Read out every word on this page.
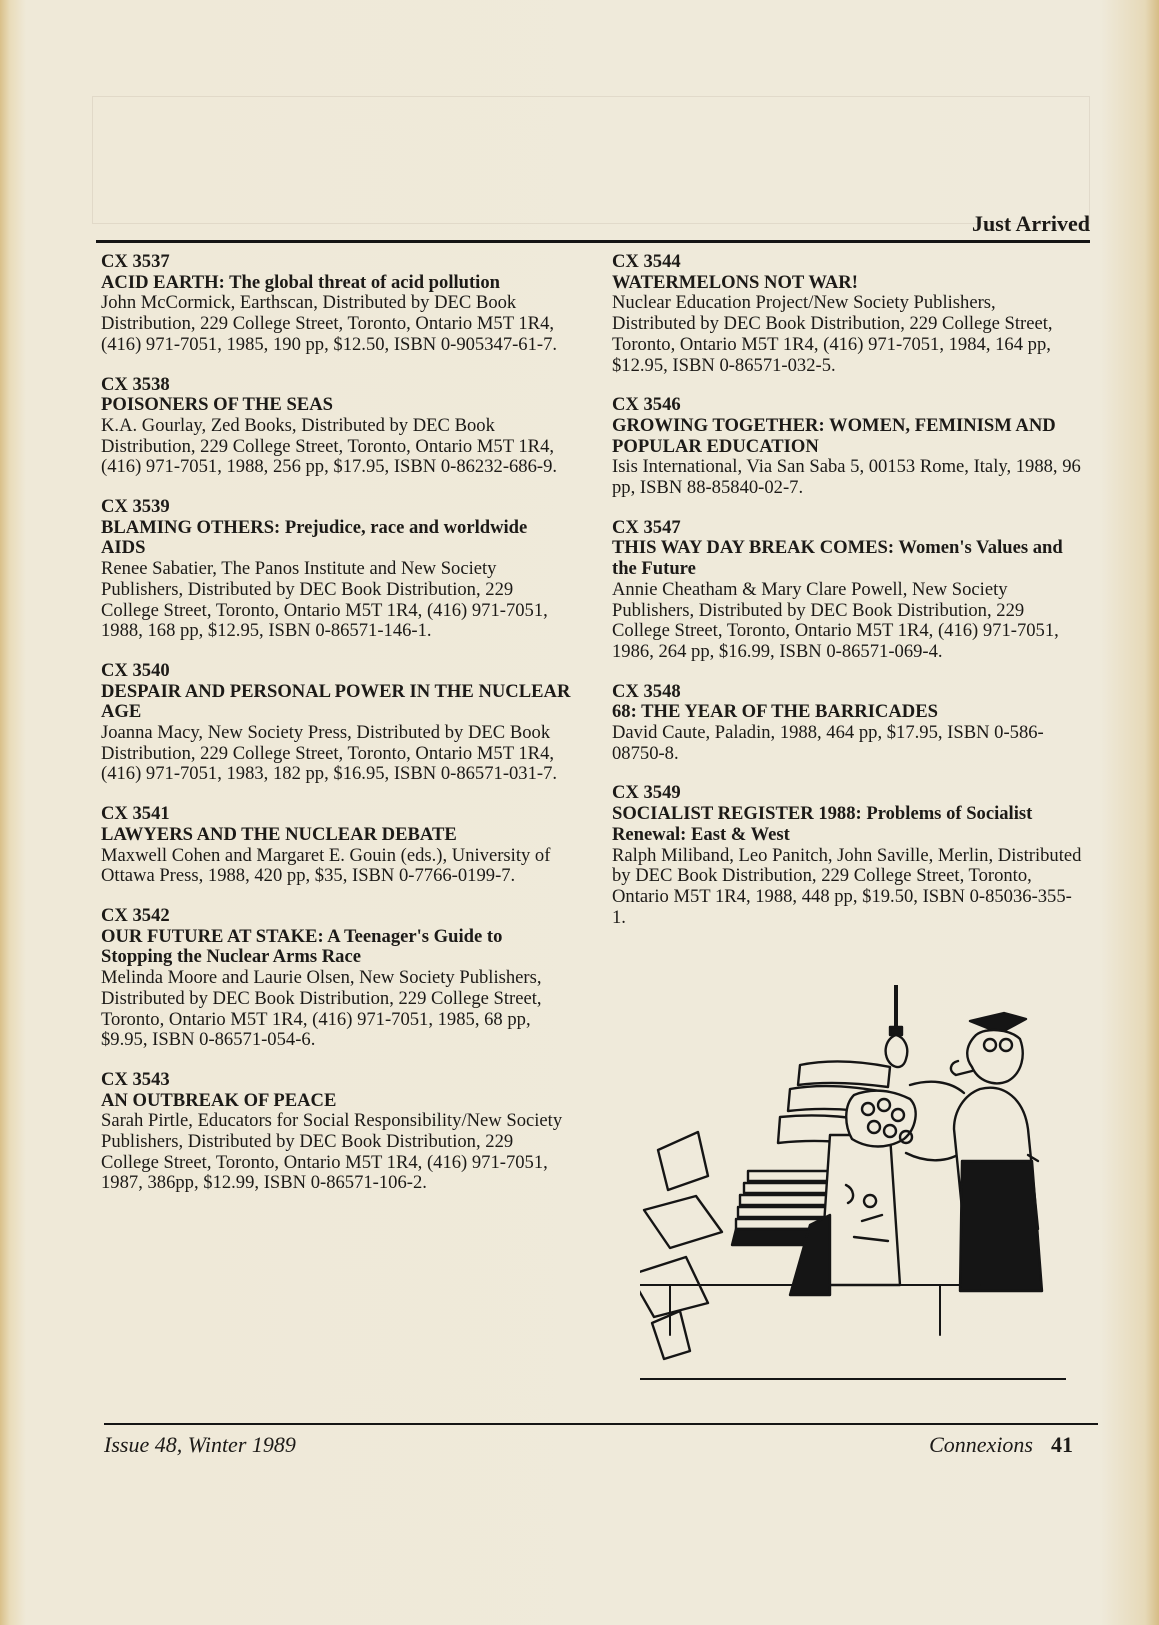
Just Arrived
CX 3537
ACID EARTH: The global threat of acid pollution
John McCormick, Earthscan, Distributed by DEC Book Distribution, 229 College Street, Toronto, Ontario M5T 1R4, (416) 971-7051, 1985, 190 pp, $12.50, ISBN 0-905347-61-7.
CX 3538
POISONERS OF THE SEAS
K.A. Gourlay, Zed Books, Distributed by DEC Book Distribution, 229 College Street, Toronto, Ontario M5T 1R4, (416) 971-7051, 1988, 256 pp, $17.95, ISBN 0-86232-686-9.
CX 3539
BLAMING OTHERS: Prejudice, race and worldwide AIDS
Renee Sabatier, The Panos Institute and New Society Publishers, Distributed by DEC Book Distribution, 229 College Street, Toronto, Ontario M5T 1R4, (416) 971-7051, 1988, 168 pp, $12.95, ISBN 0-86571-146-1.
CX 3540
DESPAIR AND PERSONAL POWER IN THE NUCLEAR AGE
Joanna Macy, New Society Press, Distributed by DEC Book Distribution, 229 College Street, Toronto, Ontario M5T 1R4, (416) 971-7051, 1983, 182 pp, $16.95, ISBN 0-86571-031-7.
CX 3541
LAWYERS AND THE NUCLEAR DEBATE
Maxwell Cohen and Margaret E. Gouin (eds.), University of Ottawa Press, 1988, 420 pp, $35, ISBN 0-7766-0199-7.
CX 3542
OUR FUTURE AT STAKE: A Teenager's Guide to Stopping the Nuclear Arms Race
Melinda Moore and Laurie Olsen, New Society Publishers, Distributed by DEC Book Distribution, 229 College Street, Toronto, Ontario M5T 1R4, (416) 971-7051, 1985, 68 pp, $9.95, ISBN 0-86571-054-6.
CX 3543
AN OUTBREAK OF PEACE
Sarah Pirtle, Educators for Social Responsibility/New Society Publishers, Distributed by DEC Book Distribution, 229 College Street, Toronto, Ontario M5T 1R4, (416) 971-7051, 1987, 386pp, $12.99, ISBN 0-86571-106-2.
CX 3544
WATERMELONS NOT WAR!
Nuclear Education Project/New Society Publishers, Distributed by DEC Book Distribution, 229 College Street, Toronto, Ontario M5T 1R4, (416) 971-7051, 1984, 164 pp, $12.95, ISBN 0-86571-032-5.
CX 3546
GROWING TOGETHER: WOMEN, FEMINISM AND POPULAR EDUCATION
Isis International, Via San Saba 5, 00153 Rome, Italy, 1988, 96 pp, ISBN 88-85840-02-7.
CX 3547
THIS WAY DAY BREAK COMES: Women's Values and the Future
Annie Cheatham & Mary Clare Powell, New Society Publishers, Distributed by DEC Book Distribution, 229 College Street, Toronto, Ontario M5T 1R4, (416) 971-7051, 1986, 264 pp, $16.99, ISBN 0-86571-069-4.
CX 3548
68: THE YEAR OF THE BARRICADES
David Caute, Paladin, 1988, 464 pp, $17.95, ISBN 0-586-08750-8.
CX 3549
SOCIALIST REGISTER 1988: Problems of Socialist Renewal: East & West
Ralph Miliband, Leo Panitch, John Saville, Merlin, Distributed by DEC Book Distribution, 229 College Street, Toronto, Ontario M5T 1R4, 1988, 448 pp, $19.50, ISBN 0-85036-355-1.
Issue 48, Winter 1989	Connexions 41
